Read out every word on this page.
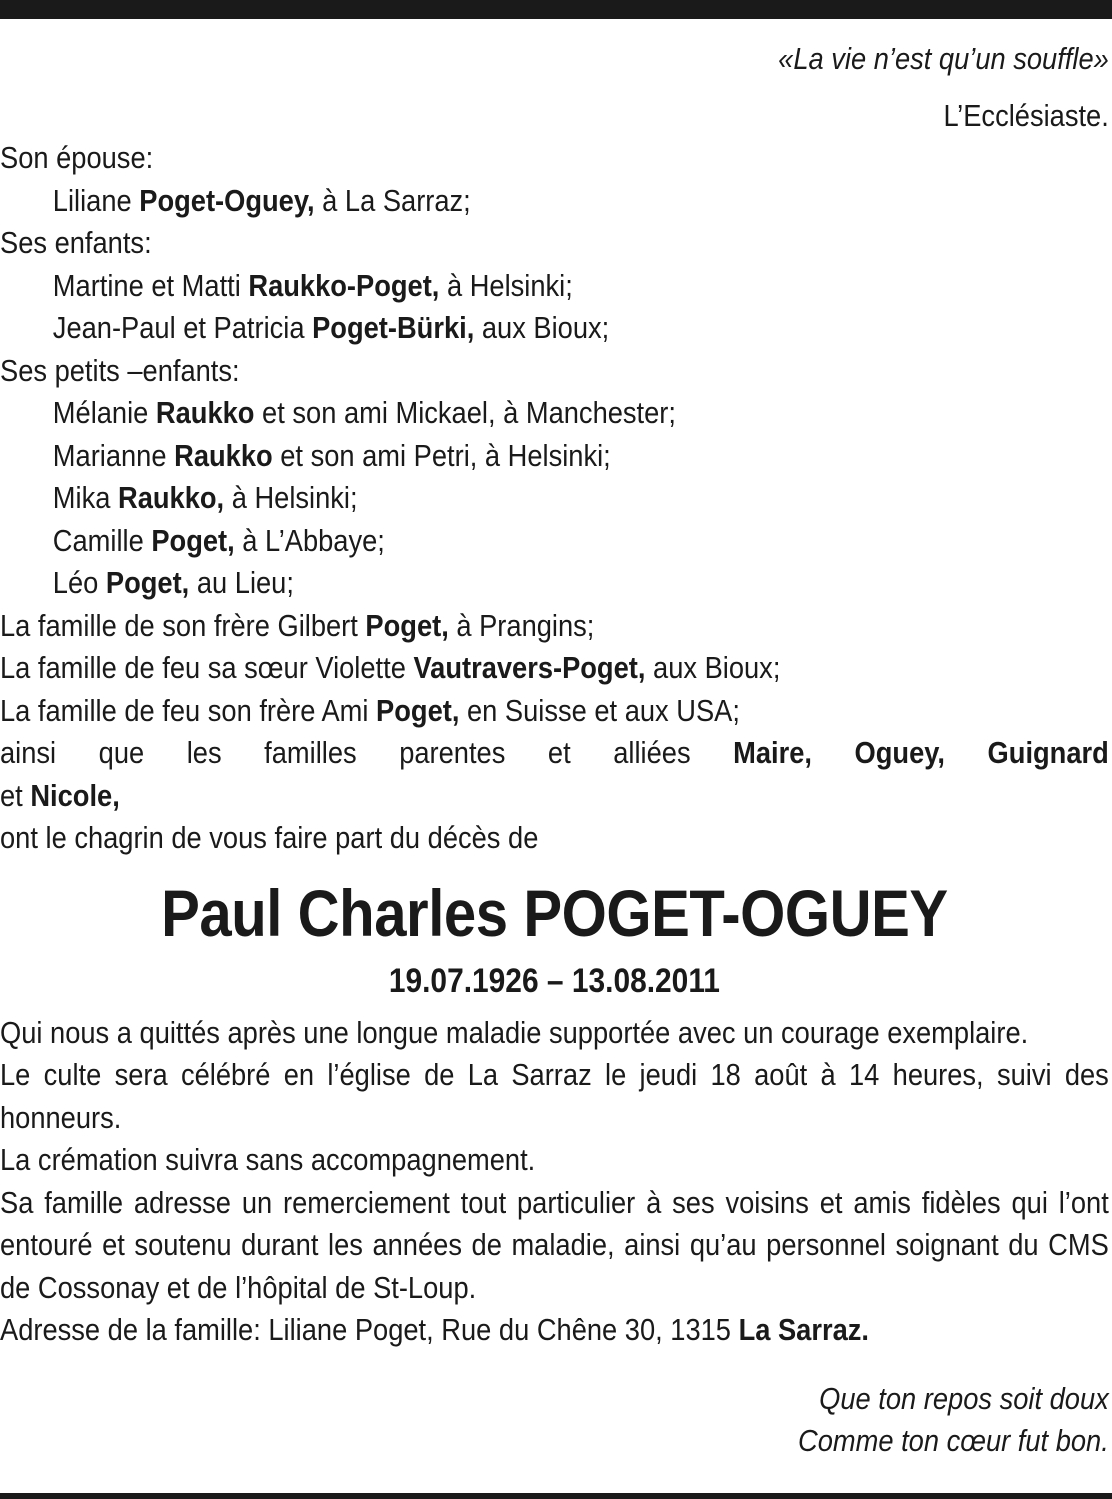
«La vie n’est qu’un souffle»
L’Ecclésiaste.
Son épouse:
Liliane Poget-Oguey, à La Sarraz;
Ses enfants:
Martine et Matti Raukko-Poget, à Helsinki;
Jean-Paul et Patricia Poget-Bürki, aux Bioux;
Ses petits –enfants:
Mélanie Raukko et son ami Mickael, à Manchester;
Marianne Raukko et son ami Petri, à Helsinki;
Mika Raukko, à Helsinki;
Camille Poget, à L’Abbaye;
Léo Poget, au Lieu;
La famille de son frère Gilbert Poget, à Prangins;
La famille de feu sa sœur Violette Vautravers-Poget, aux Bioux;
La famille de feu son frère Ami Poget, en Suisse et aux USA;
ainsi que les familles parentes et alliées Maire, Oguey, Guignard
et Nicole,
ont le chagrin de vous faire part du décès de
Paul Charles POGET-OGUEY
19.07.1926 – 13.08.2011
Qui nous a quittés après une longue maladie supportée avec un courage exemplaire.
Le culte sera célébré en l’église de La Sarraz le jeudi 18 août à 14 heures, suivi des honneurs.
La crémation suivra sans accompagnement.
Sa famille adresse un remerciement tout particulier à ses voisins et amis fidèles qui l’ont entouré et soutenu durant les années de maladie, ainsi qu’au personnel soignant du CMS de Cossonay et de l’hôpital de St-Loup.
Adresse de la famille: Liliane Poget, Rue du Chêne 30, 1315 La Sarraz.
Que ton repos soit doux
Comme ton cœur fut bon.
